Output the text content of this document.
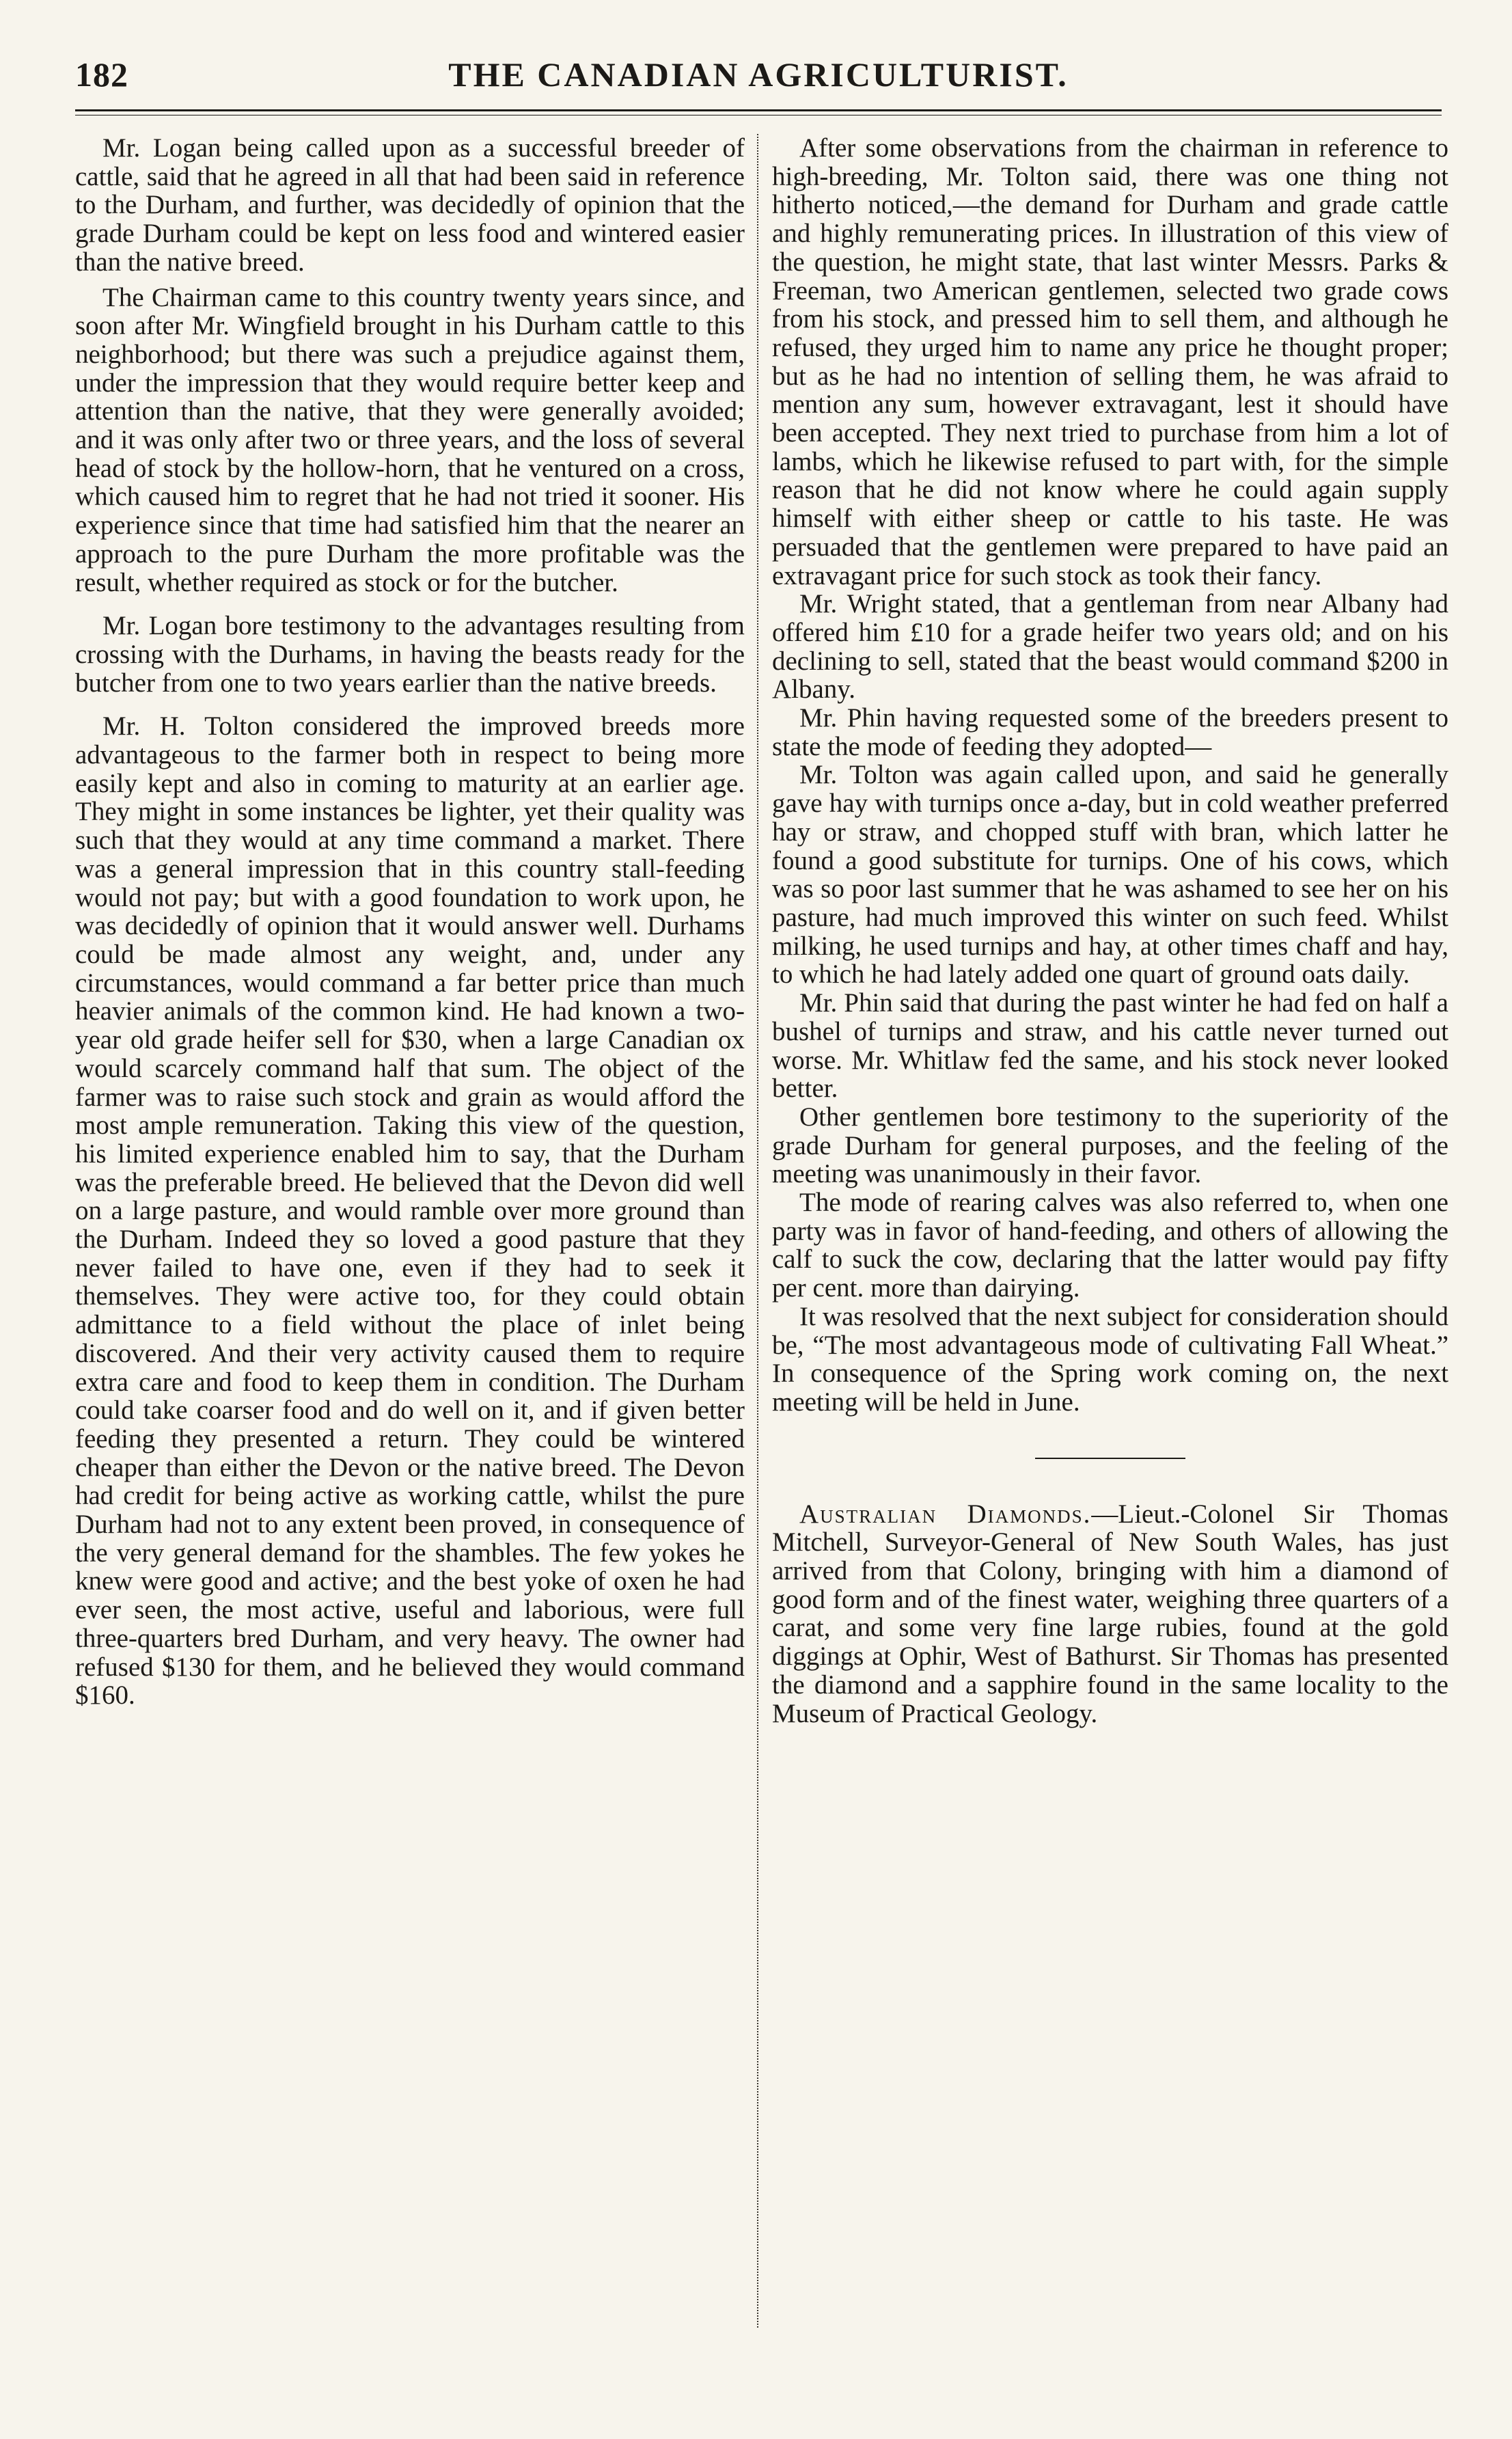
182	THE CANADIAN AGRICULTURIST.

Mr. Logan being called upon as a successful breeder of cattle, said that he agreed in all that had been said in reference to the Durham, and further, was decidedly of opinion that the grade Durham could be kept on less food and wintered easier than the native breed.

The Chairman came to this country twenty years since, and soon after Mr. Wingfield brought in his Durham cattle to this neighborhood; but there was such a prejudice against them, under the impression that they would require better keep and attention than the native, that they were generally avoided; and it was only after two or three years, and the loss of several head of stock by the hollow-horn, that he ventured on a cross, which caused him to regret that he had not tried it sooner. His experience since that time had satisfied him that the nearer an approach to the pure Durham the more profitable was the result, whether required as stock or for the butcher.

Mr. Logan bore testimony to the advantages resulting from crossing with the Durhams, in having the beasts ready for the butcher from one to two years earlier than the native breeds.

Mr. H. Tolton considered the improved breeds more advantageous to the farmer both in respect to being more easily kept and also in coming to maturity at an earlier age. They might in some instances be lighter, yet their quality was such that they would at any time command a market. There was a general impression that in this country stall-feeding would not pay; but with a good foundation to work upon, he was decidedly of opinion that it would answer well. Durhams could be made almost any weight, and, under any circumstances, would command a far better price than much heavier animals of the common kind. He had known a two-year old grade heifer sell for $30, when a large Canadian ox would scarcely command half that sum. The object of the farmer was to raise such stock and grain as would afford the most ample remuneration. Taking this view of the question, his limited experience enabled him to say, that the Durham was the preferable breed. He believed that the Devon did well on a large pasture, and would ramble over more ground than the Durham. Indeed they so loved a good pasture that they never failed to have one, even if they had to seek it themselves. They were active too, for they could obtain admittance to a field without the place of inlet being discovered. And their very activity caused them to require extra care and food to keep them in condition. The Durham could take coarser food and do well on it, and if given better feeding they presented a return. They could be wintered cheaper than either the Devon or the native breed. The Devon had credit for being active as working cattle, whilst the pure Durham had not to any extent been proved, in consequence of the very general demand for the shambles. The few yokes he knew were good and active; and the best yoke of oxen he had ever seen, the most active, useful and laborious, were full three-quarters bred Durham, and very heavy. The owner had refused $130 for them, and he believed they would command $160.

After some observations from the chairman in reference to high-breeding, Mr. Tolton said, there was one thing not hitherto noticed,—the demand for Durham and grade cattle and highly remunerating prices. In illustration of this view of the question, he might state, that last winter Messrs. Parks & Freeman, two American gentlemen, selected two grade cows from his stock, and pressed him to sell them, and although he refused, they urged him to name any price he thought proper; but as he had no intention of selling them, he was afraid to mention any sum, however extravagant, lest it should have been accepted. They next tried to purchase from him a lot of lambs, which he likewise refused to part with, for the simple reason that he did not know where he could again supply himself with either sheep or cattle to his taste. He was persuaded that the gentlemen were prepared to have paid an extravagant price for such stock as took their fancy.

Mr. Wright stated, that a gentleman from near Albany had offered him £10 for a grade heifer two years old; and on his declining to sell, stated that the beast would command $200 in Albany.

Mr. Phin having requested some of the breeders present to state the mode of feeding they adopted—

Mr. Tolton was again called upon, and said he generally gave hay with turnips once a-day, but in cold weather preferred hay or straw, and chopped stuff with bran, which latter he found a good substitute for turnips. One of his cows, which was so poor last summer that he was ashamed to see her on his pasture, had much improved this winter on such feed. Whilst milking, he used turnips and hay, at other times chaff and hay, to which he had lately added one quart of ground oats daily.

Mr. Phin said that during the past winter he had fed on half a bushel of turnips and straw, and his cattle never turned out worse. Mr. Whitlaw fed the same, and his stock never looked better.

Other gentlemen bore testimony to the superiority of the grade Durham for general purposes, and the feeling of the meeting was unanimously in their favor.

The mode of rearing calves was also referred to, when one party was in favor of hand-feeding, and others of allowing the calf to suck the cow, declaring that the latter would pay fifty per cent. more than dairying.

It was resolved that the next subject for consideration should be, “The most advantageous mode of cultivating Fall Wheat.” In consequence of the Spring work coming on, the next meeting will be held in June.

Australian Diamonds.—Lieut.-Colonel Sir Thomas Mitchell, Surveyor-General of New South Wales, has just arrived from that Colony, bringing with him a diamond of good form and of the finest water, weighing three quarters of a carat, and some very fine large rubies, found at the gold diggings at Ophir, West of Bathurst. Sir Thomas has presented the diamond and a sapphire found in the same locality to the Museum of Practical Geology.
